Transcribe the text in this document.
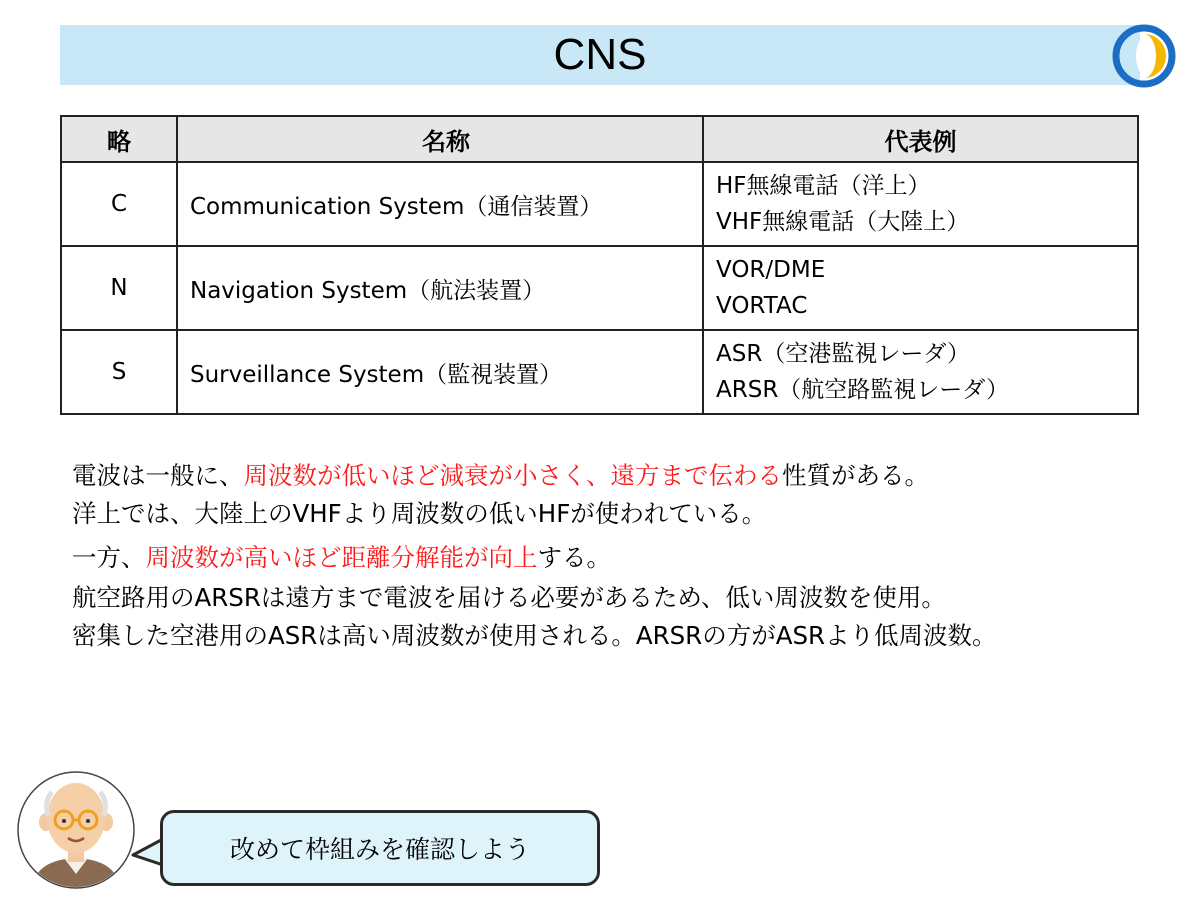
CNS
略	名称	代表例
C	Communication System（通信装置）	HF無線電話（洋上）
VHF無線電話（大陸上）

N	Navigation System（航法装置）	VOR/DME
VORTAC

S	Surveillance System（監視装置）	ASR（空港監視レーダ）
ARSR（航空路監視レーダ）
電波は一般に、周波数が低いほど減衰が小さく、遠方まで伝わる性質がある。
洋上では、大陸上のVHFより周波数の低いHFが使われている。
一方、周波数が高いほど距離分解能が向上する。
航空路用のARSRは遠方まで電波を届ける必要があるため、低い周波数を使用。
密集した空港用のASRは高い周波数が使用される。ARSRの方がASRより低周波数。
改めて枠組みを確認しよう
